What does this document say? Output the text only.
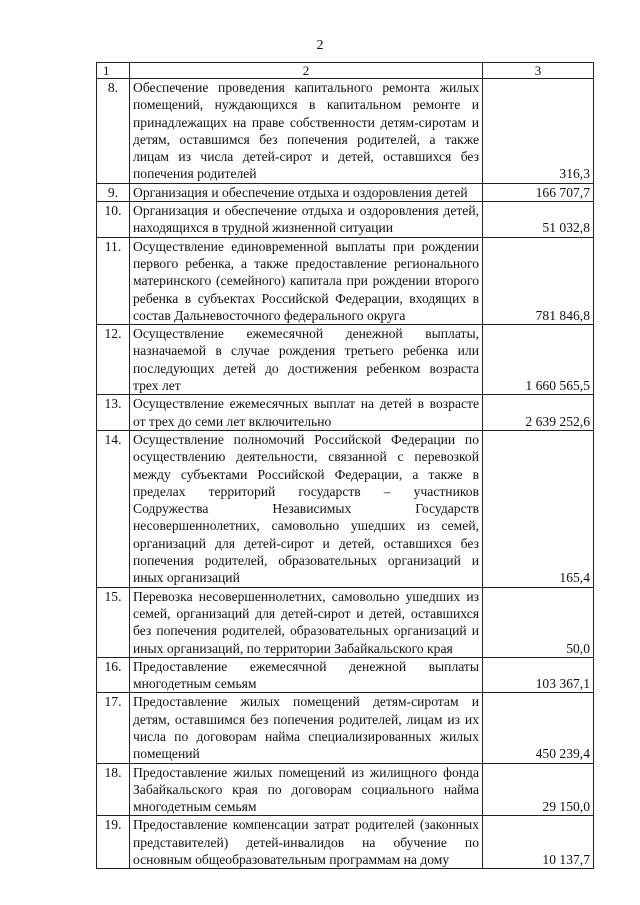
2
1	2	3
8.	Обеспечение проведения капитального ремонта жилых помещений, нуждающихся в капитальном ремонте и принадлежащих на праве собственности детям-сиротам и детям, оставшимся без попечения родителей, а также лицам из числа детей-сирот и детей, оставшихся без попечения родителей	316,3
9.	Организация и обеспечение отдыха и оздоровления детей	166 707,7
10.	Организация и обеспечение отдыха и оздоровления детей, находящихся в трудной жизненной ситуации	51 032,8
11.	Осуществление единовременной выплаты при рождении первого ребенка, а также предоставление регионального материнского (семейного) капитала при рождении второго ребенка в субъектах Российской Федерации, входящих в состав Дальневосточного федерального округа	781 846,8
12.	Осуществление ежемесячной денежной выплаты, назначаемой в случае рождения третьего ребенка или последующих детей до достижения ребенком возраста трех лет	1 660 565,5
13.	Осуществление ежемесячных выплат на детей в возрасте от трех до семи лет включительно	2 639 252,6
14.	Осуществление полномочий Российской Федерации по осуществлению деятельности, связанной с перевозкой между субъектами Российской Федерации, а также в пределах территорий государств – участников Содружества Независимых Государств несовершеннолетних, самовольно ушедших из семей, организаций для детей-сирот и детей, оставшихся без попечения родителей, образовательных организаций и иных организаций	165,4
15.	Перевозка несовершеннолетних, самовольно ушедших из семей, организаций для детей-сирот и детей, оставшихся без попечения родителей, образовательных организаций и иных организаций, по территории Забайкальского края	50,0
16.	Предоставление ежемесячной денежной выплаты многодетным семьям	103 367,1
17.	Предоставление жилых помещений детям-сиротам и детям, оставшимся без попечения родителей, лицам из их числа по договорам найма специализированных жилых помещений	450 239,4
18.	Предоставление жилых помещений из жилищного фонда Забайкальского края по договорам социального найма многодетным семьям	29 150,0
19.	Предоставление компенсации затрат родителей (законных представителей) детей-инвалидов на обучение по основным общеобразовательным программам на дому	10 137,7
